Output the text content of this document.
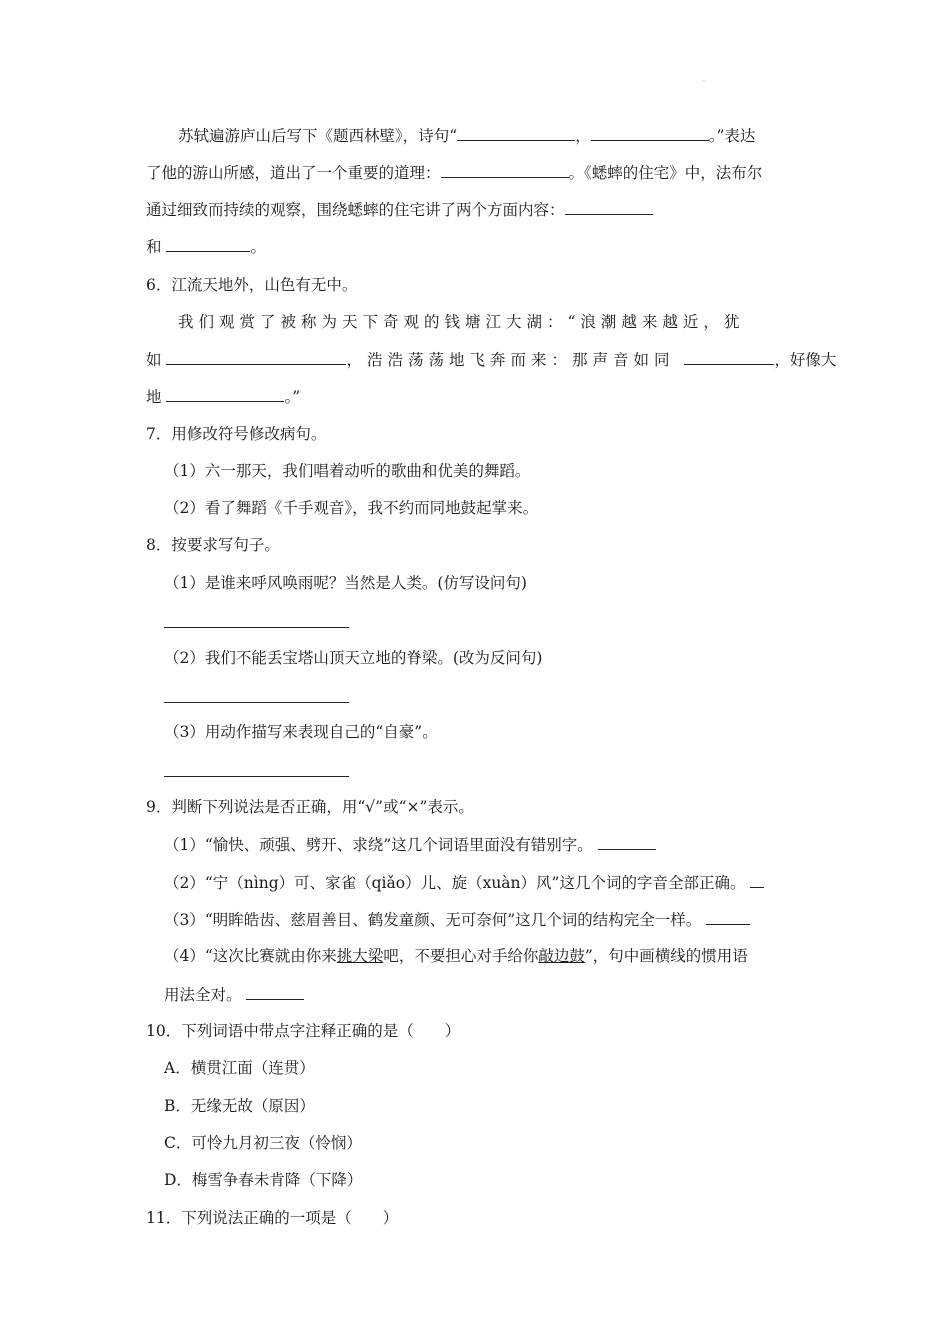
.
苏轼遍游庐山后写下《题西林壁》，诗句“	，	。”表达
了他的游山所感，道出了一个重要的道理：	。《蟋蟀的住宅》中，法布尔
通过细致而持续的观察，围绕蟋蟀的住宅讲了两个方面内容：
和	。
6．江流天地外，山色有无中。
我们观赏了被称为天下奇观的钱塘江大湖：“浪潮越来越近，犹
如	，浩浩荡荡地飞奔而来：那声音如同	，好像大
地	。”
7．用修改符号修改病句。
（1）六一那天，我们唱着动听的歌曲和优美的舞蹈。
（2）看了舞蹈《千手观音》，我不约而同地鼓起掌来。
8．按要求写句子。
（1）是谁来呼风唤雨呢？当然是人类。(仿写设问句)
（2）我们不能丢宝塔山顶天立地的脊梁。(改为反问句)
（3）用动作描写来表现自己的“自豪”。
9．判断下列说法是否正确，用“√”或“×”表示。
（1）“愉快、顽强、劈开、求绕”这几个词语里面没有错别字。
（2）“宁（nìng）可、家雀（qiǎo）儿、旋（xuàn）风”这几个词的字音全部正确。
（3）“明眸皓齿、慈眉善目、鹤发童颜、无可奈何”这几个词的结构完全一样。
（4）“这次比赛就由你来挑大梁吧，不要担心对手给你敲边鼓”，句中画横线的惯用语
用法全对。
10．下列词语中带点字注释正确的是（　　）
A．横贯江面（连贯）
B．无缘无故（原因）
C．可怜九月初三夜（怜悯）
D．梅雪争春未肯降（下降）
11．下列说法正确的一项是（　　）
